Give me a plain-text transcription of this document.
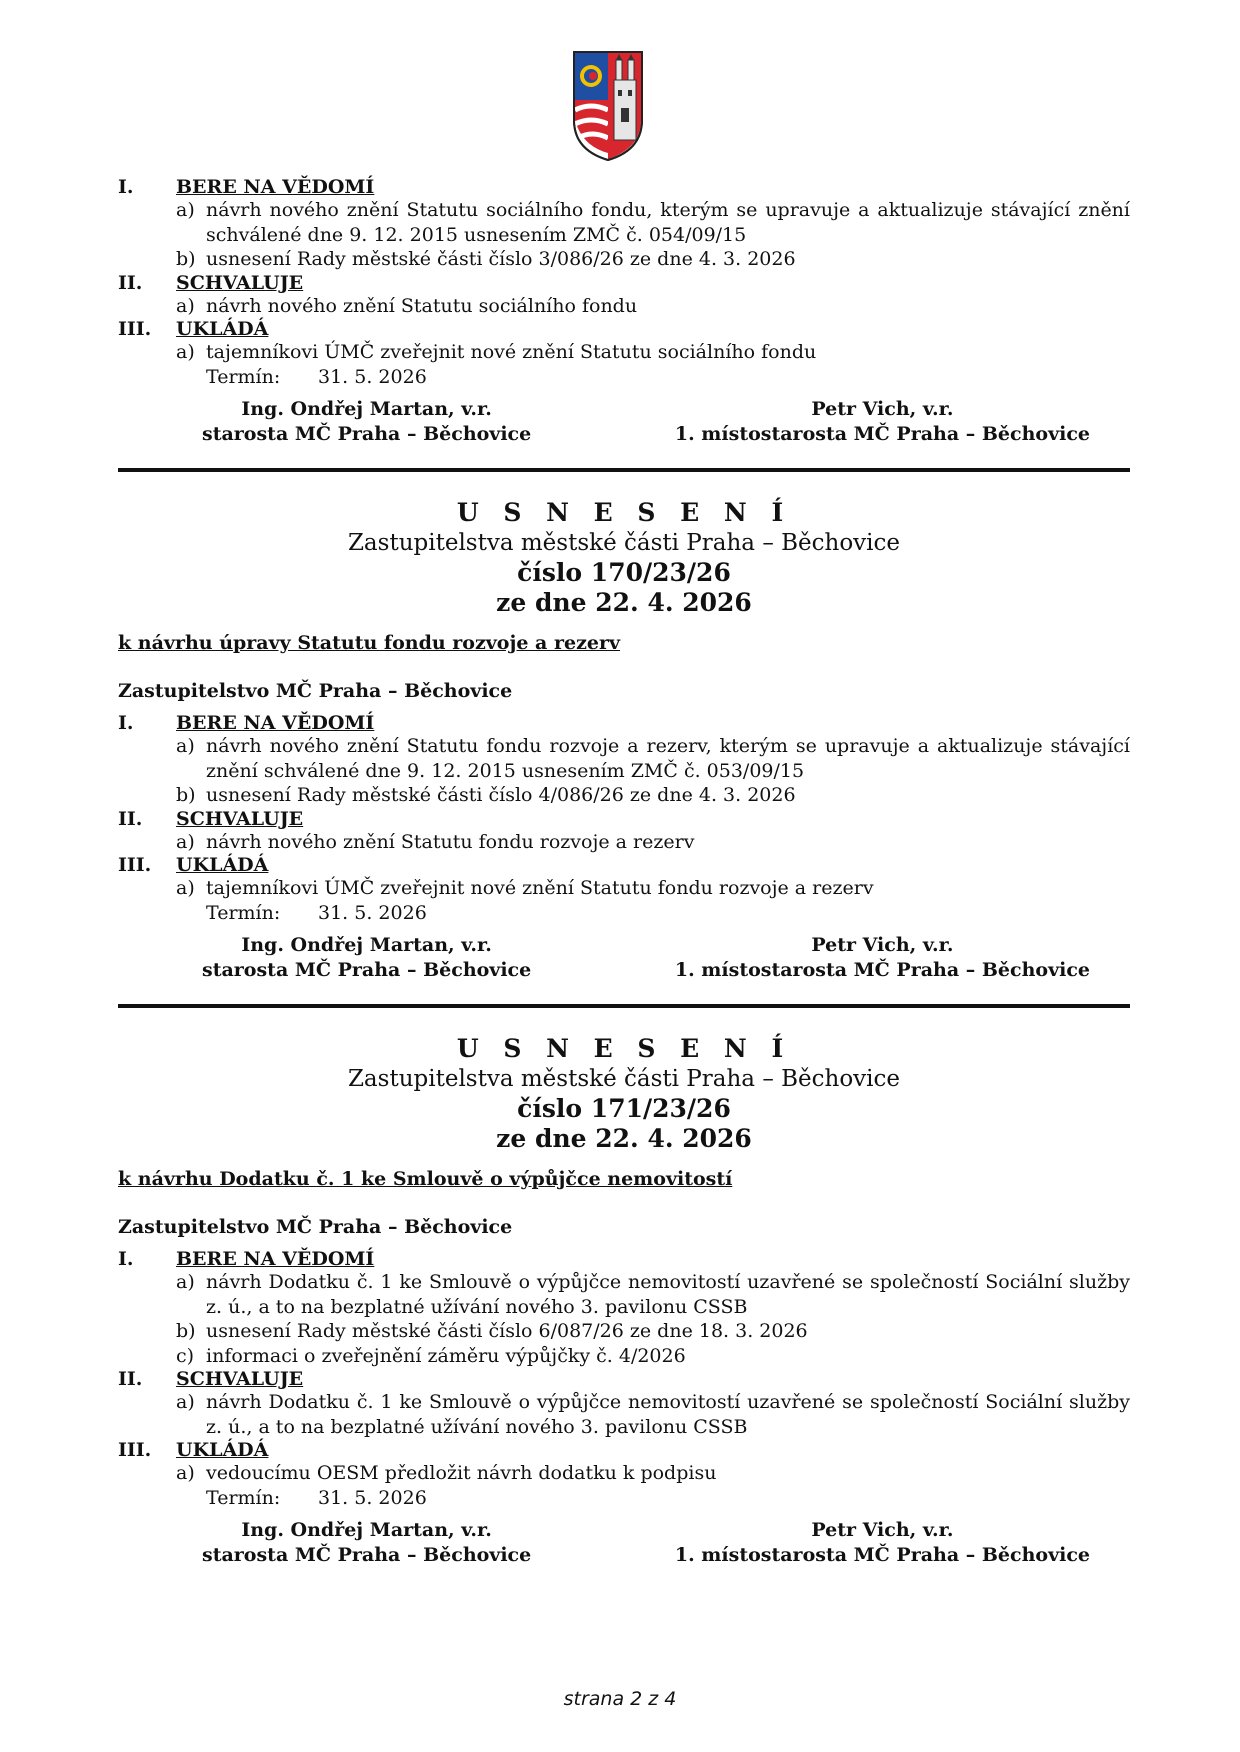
I.	BERE NA VĚDOMÍ
a) návrh nového znění Statutu sociálního fondu, kterým se upravuje a aktualizuje stávající znění schválené dne 9. 12. 2015 usnesením ZMČ č. 054/09/15
b) usnesení Rady městské části číslo 3/086/26 ze dne 4. 3. 2026
II.	SCHVALUJE
a) návrh nového znění Statutu sociálního fondu
III.	UKLÁDÁ
a) tajemníkovi ÚMČ zveřejnit nové znění Statutu sociálního fondu
Termín: 31. 5. 2026
Ing. Ondřej Martan, v.r.
starosta MČ Praha – Běchovice
Petr Vich, v.r.
1. místostarosta MČ Praha – Běchovice
U S N E S E N Í
Zastupitelstva městské části Praha – Běchovice
číslo 170/23/26
ze dne 22. 4. 2026
k návrhu úpravy Statutu fondu rozvoje a rezerv
Zastupitelstvo MČ Praha – Běchovice
I.	BERE NA VĚDOMÍ
a) návrh nového znění Statutu fondu rozvoje a rezerv, kterým se upravuje a aktualizuje stávající znění schválené dne 9. 12. 2015 usnesením ZMČ č. 053/09/15
b) usnesení Rady městské části číslo 4/086/26 ze dne 4. 3. 2026
II.	SCHVALUJE
a) návrh nového znění Statutu fondu rozvoje a rezerv
III.	UKLÁDÁ
a) tajemníkovi ÚMČ zveřejnit nové znění Statutu fondu rozvoje a rezerv
Termín: 31. 5. 2026
Ing. Ondřej Martan, v.r.
starosta MČ Praha – Běchovice
Petr Vich, v.r.
1. místostarosta MČ Praha – Běchovice
U S N E S E N Í
Zastupitelstva městské části Praha – Běchovice
číslo 171/23/26
ze dne 22. 4. 2026
k návrhu Dodatku č. 1 ke Smlouvě o výpůjčce nemovitostí
Zastupitelstvo MČ Praha – Běchovice
I.	BERE NA VĚDOMÍ
a) návrh Dodatku č. 1 ke Smlouvě o výpůjčce nemovitostí uzavřené se společností Sociální služby z. ú., a to na bezplatné užívání nového 3. pavilonu CSSB
b) usnesení Rady městské části číslo 6/087/26 ze dne 18. 3. 2026
c) informaci o zveřejnění záměru výpůjčky č. 4/2026
II.	SCHVALUJE
a) návrh Dodatku č. 1 ke Smlouvě o výpůjčce nemovitostí uzavřené se společností Sociální služby z. ú., a to na bezplatné užívání nového 3. pavilonu CSSB
III.	UKLÁDÁ
a) vedoucímu OESM předložit návrh dodatku k podpisu
Termín: 31. 5. 2026
Ing. Ondřej Martan, v.r.
starosta MČ Praha – Běchovice
Petr Vich, v.r.
1. místostarosta MČ Praha – Běchovice
strana 2 z 4
